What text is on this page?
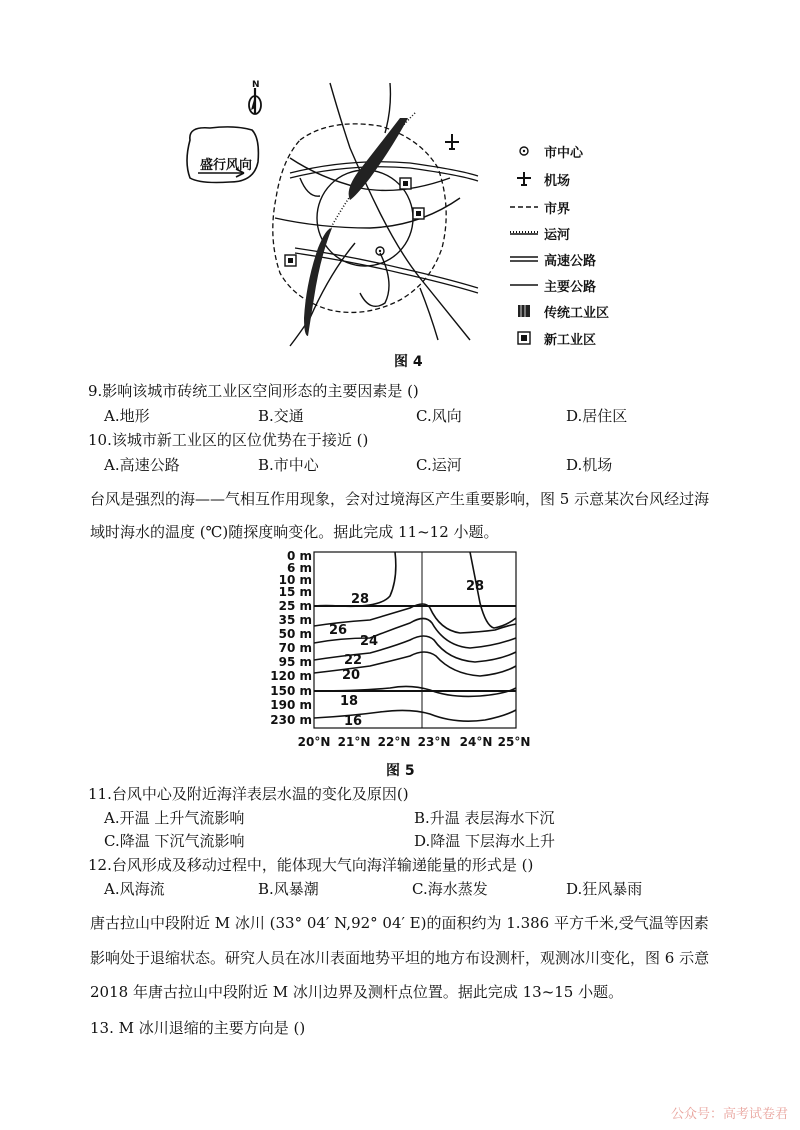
N
盛行风向
市中心
机场
市界
运河
高速公路
主要公路
传统工业区
新工业区
图 4
9.影响该城市砖统工业区空间形态的主要因素是 ()
A.地形	B.交通	C.风向	D.居住区
10.该城市新工业区的区位优势在于接近 ()
A.高速公路	B.市中心	C.运河	D.机场
台风是强烈的海——气相互作用现象，会对过境海区产生重要影响，图 5 示意某次台风经过海
域时海水的温度 (℃)随探度晌变化。据此完成 11~12 小题。
28
28
26
24
22
20
18
16
0 m
6 m
10 m
15 m
25 m
35 m
50 m
70 m
95 m
120 m
150 m
190 m
230 m
20°N 21°N 22°N 23°N 24°N 25°N
图 5
11.台风中心及附近海洋表层水温的变化及原因()
A.开温 上升气流影响	B.升温 表层海水下沉
C.降温 下沉气流影响	D.降温 下层海水上升
12.台风形成及移动过程中，能体现大气向海洋输递能量的形式是 ()
A.风海流	B.风暴潮	C.海水蒸发	D.狂风暴雨
唐古拉山中段附近 M 冰川 (33° 04′ N,92° 04′ E)的面积约为 1.386 平方千米,受气温等因素
影响处于退缩状态。研究人员在冰川表面地势平坦的地方布设测杆，观测冰川变化，图 6 示意
2018 年唐古拉山中段附近 M 冰川边界及测杆点位置。据此完成 13~15 小题。
13. M 冰川退缩的主要方向是 ()
公众号：高考试卷君
